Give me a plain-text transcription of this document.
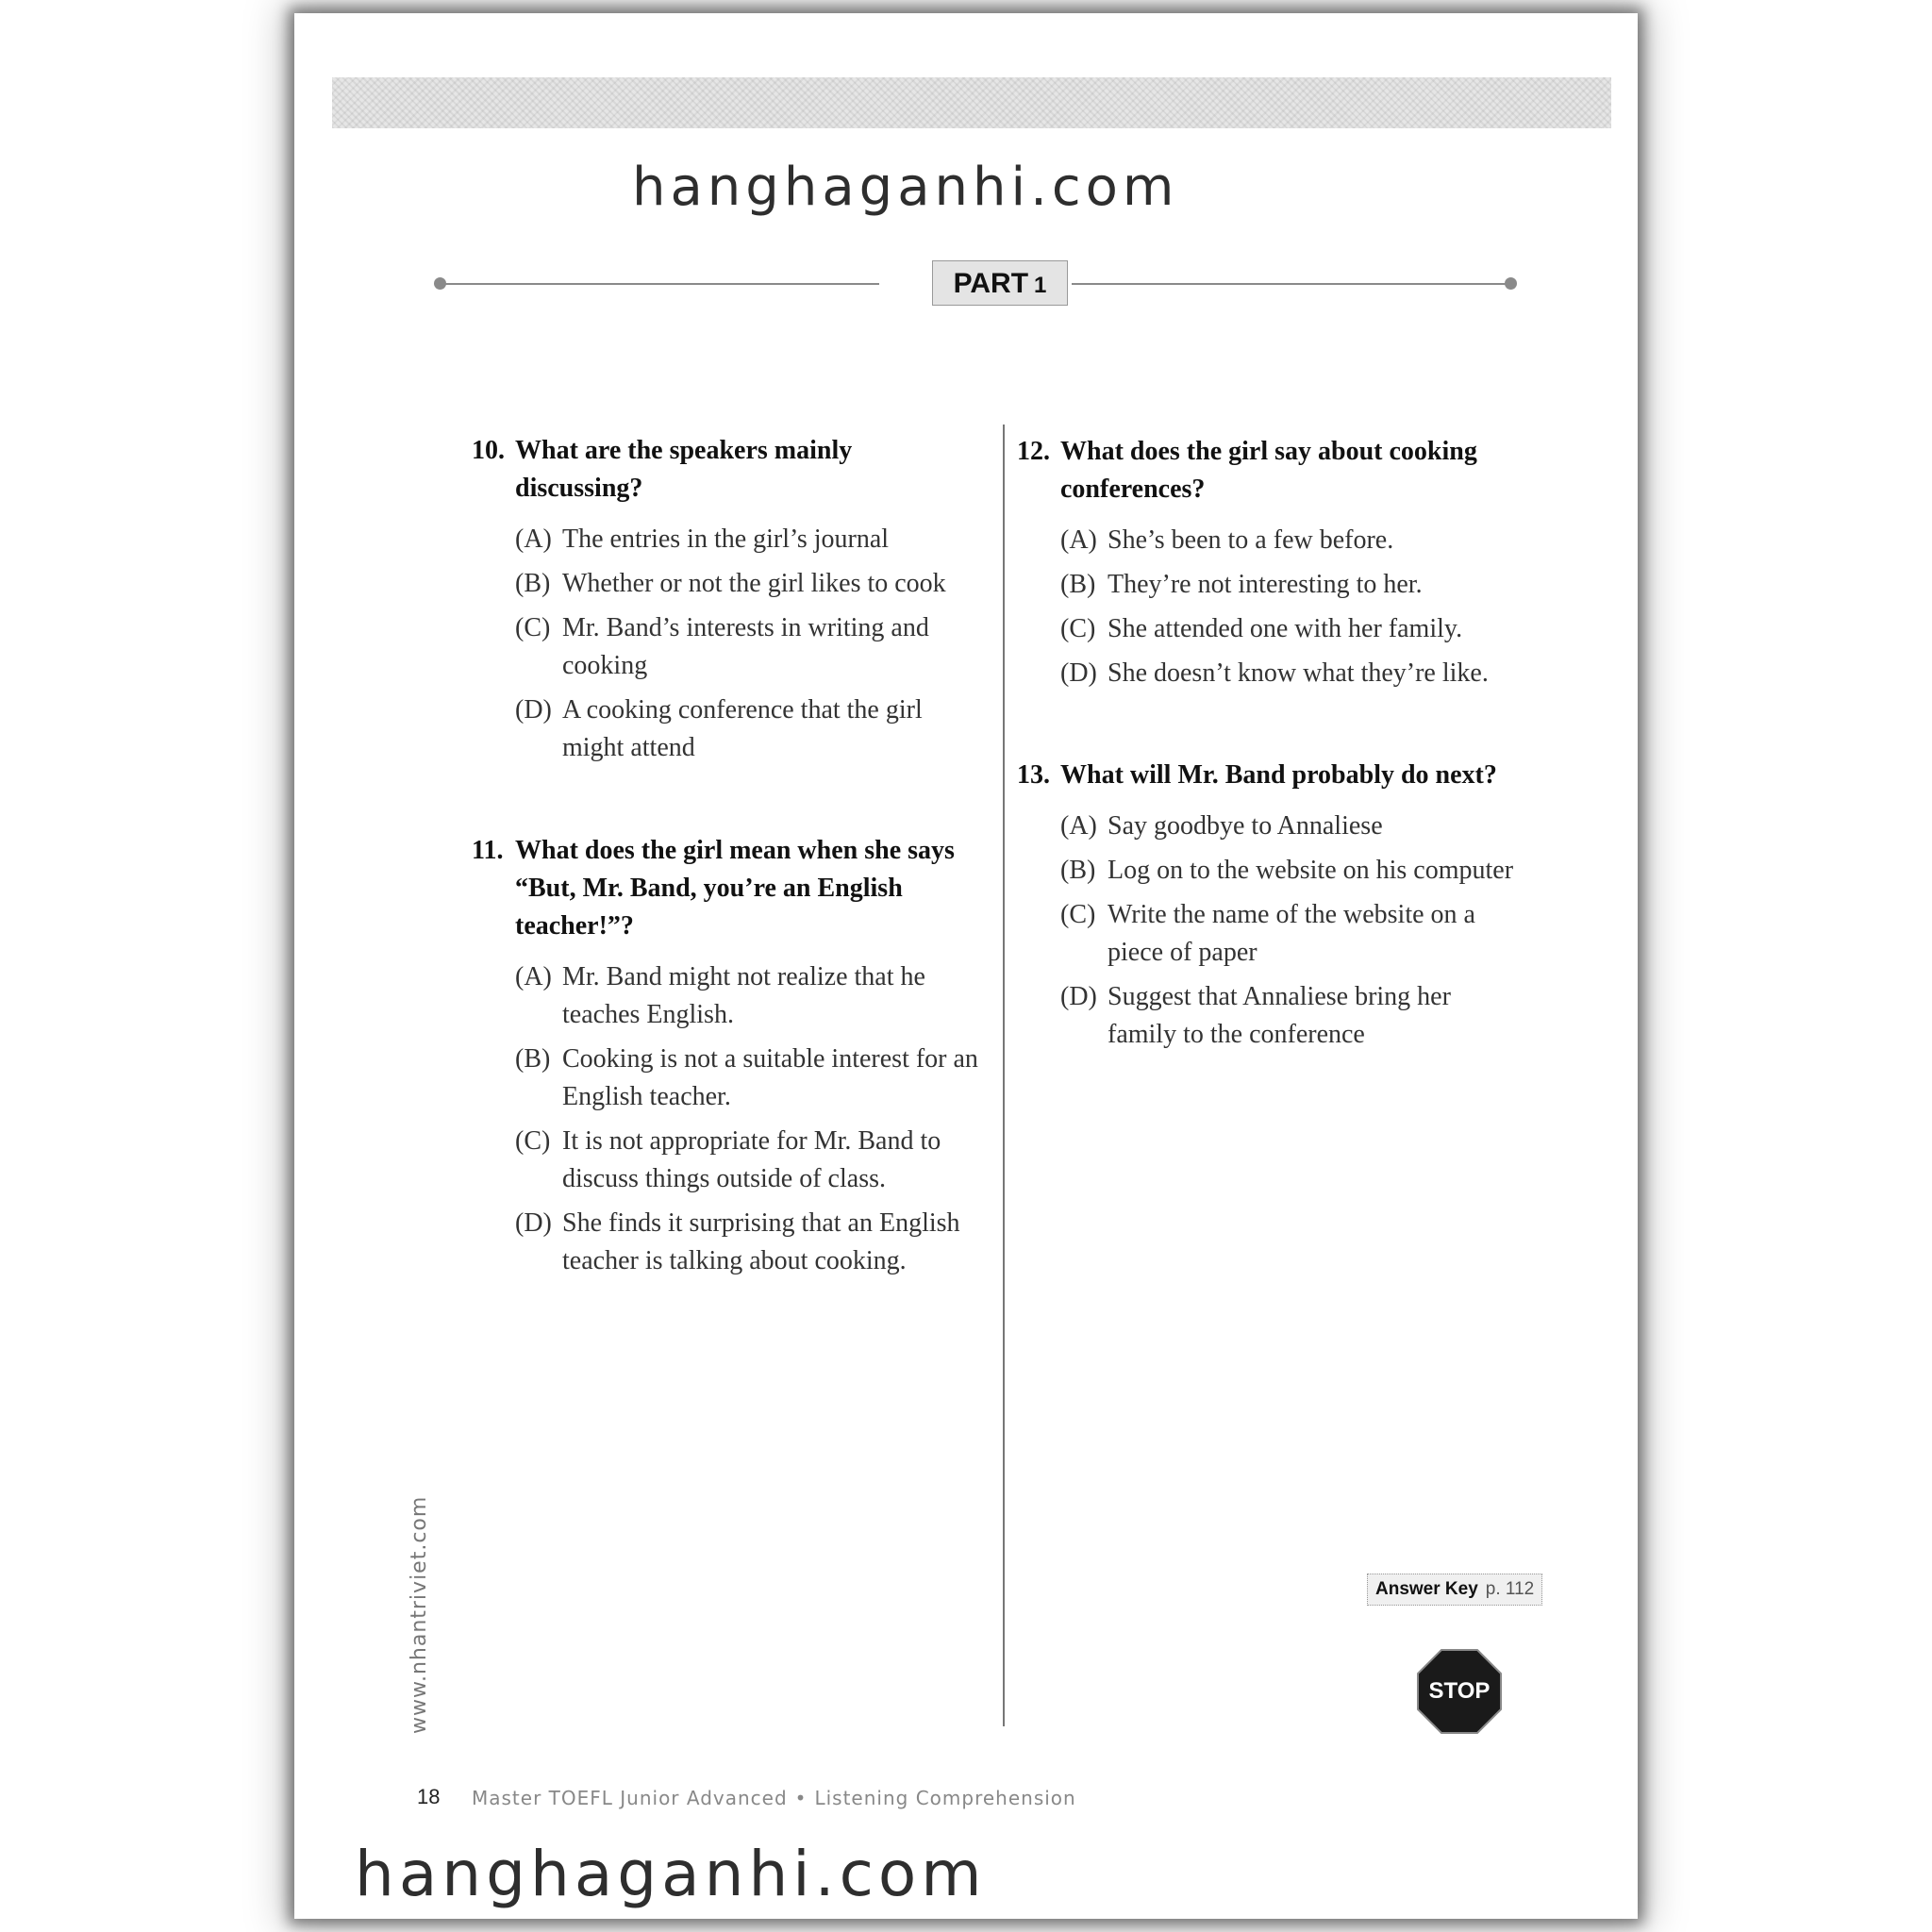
PART 1
10. What are the speakers mainly discussing?
(A) The entries in the girl’s journal
(B) Whether or not the girl likes to cook
(C) Mr. Band’s interests in writing and cooking
(D) A cooking conference that the girl might attend
11. What does the girl mean when she says “But, Mr. Band, you’re an English teacher!”?
(A) Mr. Band might not realize that he teaches English.
(B) Cooking is not a suitable interest for an English teacher.
(C) It is not appropriate for Mr. Band to discuss things outside of class.
(D) She finds it surprising that an English teacher is talking about cooking.
12. What does the girl say about cooking conferences?
(A) She’s been to a few before.
(B) They’re not interesting to her.
(C) She attended one with her family.
(D) She doesn’t know what they’re like.
13. What will Mr. Band probably do next?
(A) Say goodbye to Annaliese
(B) Log on to the website on his computer
(C) Write the name of the website on a piece of paper
(D) Suggest that Annaliese bring her family to the conference
www.nhantriviet.com	Answer Key p. 112
STOP
18 Master TOEFL Junior Advanced • Listening Comprehension
hanghaganhi.com
hanghaganhi.com
